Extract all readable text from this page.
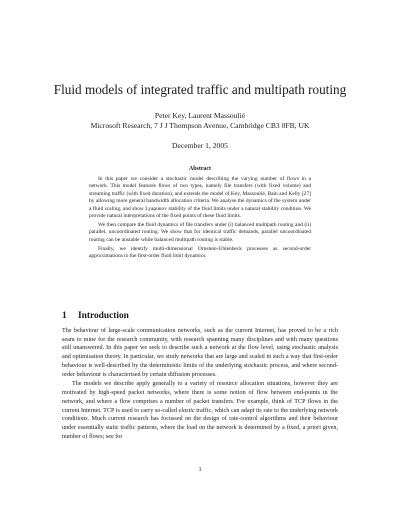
Fluid models of integrated traffic and multipath routing
Peter Key, Laurent Massoulié
Microsoft Research, 7 J J Thompson Avenue, Cambridge CB3 0FB, UK
December 1, 2005
Abstract

In this paper we consider a stochastic model describing the varying number of flows in a network. This model features flows of two types, namely file transfers (with fixed volume) and streaming traffic (with fixed duration), and extends the model of Key, Massoulié, Bain and Kelly [27] by allowing more general bandwidth allocation criteria. We analyse the dynamics of the system under a fluid scaling, and show Lyapunov stability of the fluid limits under a natural stability condition. We provide natural interpretations of the fixed points of these fluid limits.

We then compare the fluid dynamics of file transfers under (i) balanced multipath routing and (ii) parallel, uncoordinated routing. We show that for identical traffic demands, parallel uncoordinated routing can be unstable while balanced multipath routing is stable.

Finally, we identify multi-dimensional Ornstein-Uhlenbeck processes as second-order approximations to the first-order fluid limit dynamics.

1 Introduction

The behaviour of large-scale communication networks, such as the current Internet, has proved to be a rich seam to mine for the research community, with research spanning many disciplines and with many questions still unanswered. In this paper we seek to describe such a network at the flow level, using stochastic analysis and optimisation theory. In particular, we study networks that are large and scaled in such a way that first-order behaviour is well-described by the deterministic limits of the underlying stochastic process, and where second-order behaviour is characterised by certain diffusion processes.

The models we describe apply generally to a variety of resource allocation situations, however they are motivated by high-speed packet networks, where there is some notion of flow between end-points in the network, and where a flow comprises a number of packet transfers. For example, think of TCP flows in the current Internet. TCP is used to carry so-called elastic traffic, which can adapt its rate to the underlying network conditions. Much current research has focussed on the design of rate-control algorithms and their behaviour under essentially static traffic patterns, where the load on the network is determined by a fixed, a priori given, number of flows; see for

1
